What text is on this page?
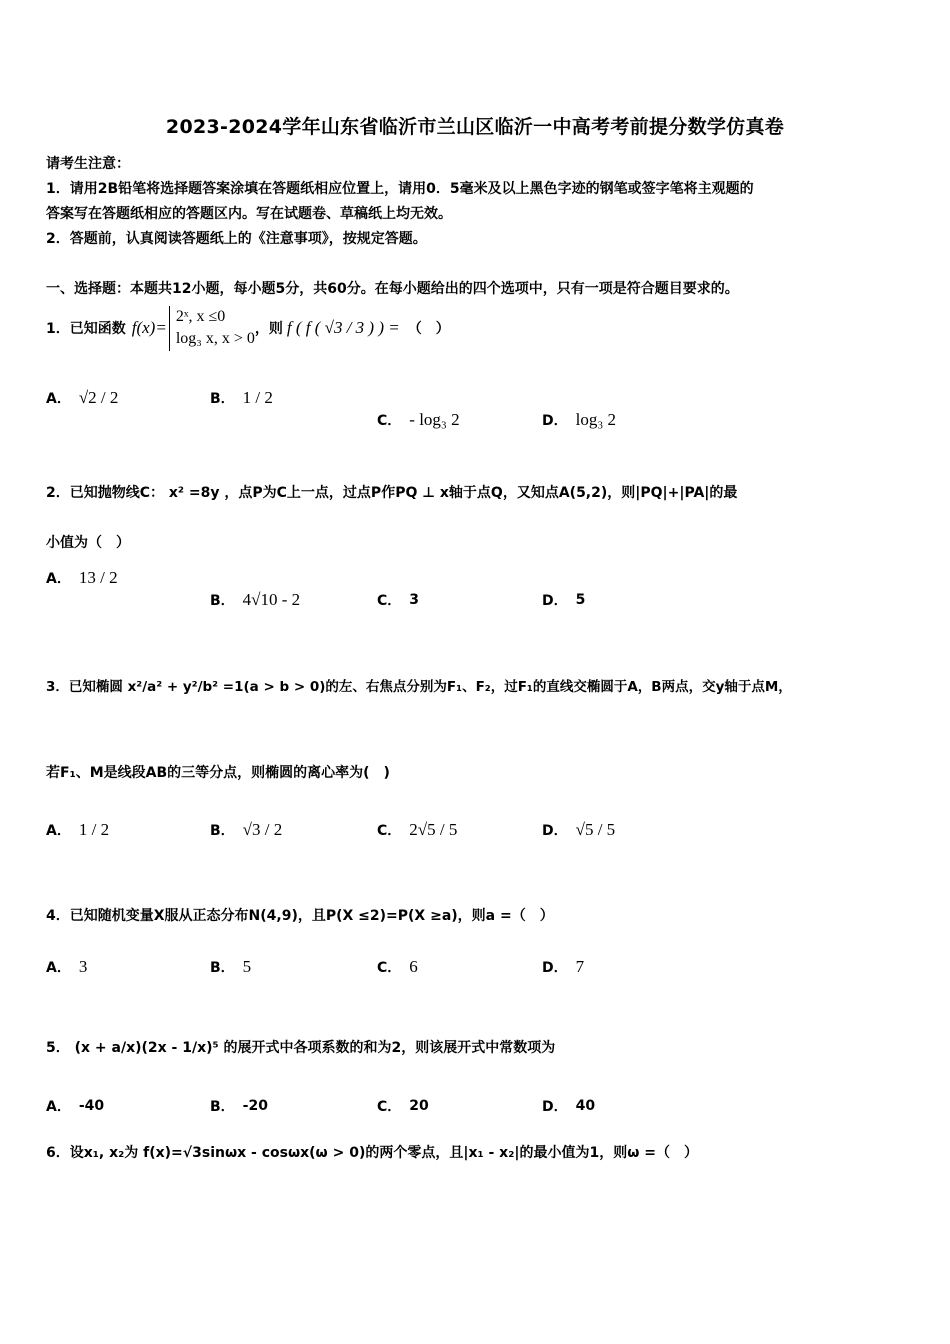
2023-2024学年山东省临沂市兰山区临沂一中高考考前提分数学仿真卷
请考生注意：
1．请用2B铅笔将选择题答案涂填在答题纸相应位置上，请用0．5毫米及以上黑色字迹的钢笔或签字笔将主观题的
答案写在答题纸相应的答题区内。写在试题卷、草稿纸上均无效。
2．答题前，认真阅读答题纸上的《注意事项》，按规定答题。
一、选择题：本题共12小题，每小题5分，共60分。在每小题给出的四个选项中，只有一项是符合题目要求的。
1．已知函数 f(x)=
2ˣ, x ≤0
log₃ x, x > 0
，则 f ( f ( √3 / 3 ) ) = （　）
A． √2 / 2	B． 1 / 2
C． - log₃ 2	D． log₃ 2
2．已知抛物线C： x² =8y ，点P为C上一点，过点P作PQ ⊥ x轴于点Q，又知点A(5,2)，则|PQ|+|PA|的最
小值为（　）
A． 13 / 2
B． 4√10 - 2	C． 3	D． 5
3．已知椭圆 x²/a² + y²/b² =1(a > b > 0)的左、右焦点分别为F₁、F₂，过F₁的直线交椭圆于A，B两点，交y轴于点M，
若F₁、M是线段AB的三等分点，则椭圆的离心率为(　)
A． 1 / 2	B． √3 / 2	C． 2√5 / 5	D． √5 / 5
4．已知随机变量X服从正态分布N(4,9)，且P(X ≤2)=P(X ≥a)，则a =（　）
A． 3	B． 5	C． 6	D． 7
5． (x + a/x)(2x - 1/x)⁵ 的展开式中各项系数的和为2，则该展开式中常数项为
A． -40	B． -20	C． 20	D． 40
6．设x₁, x₂为 f(x)=√3sinωx - cosωx(ω > 0)的两个零点，且|x₁ - x₂|的最小值为1，则ω =（　）
